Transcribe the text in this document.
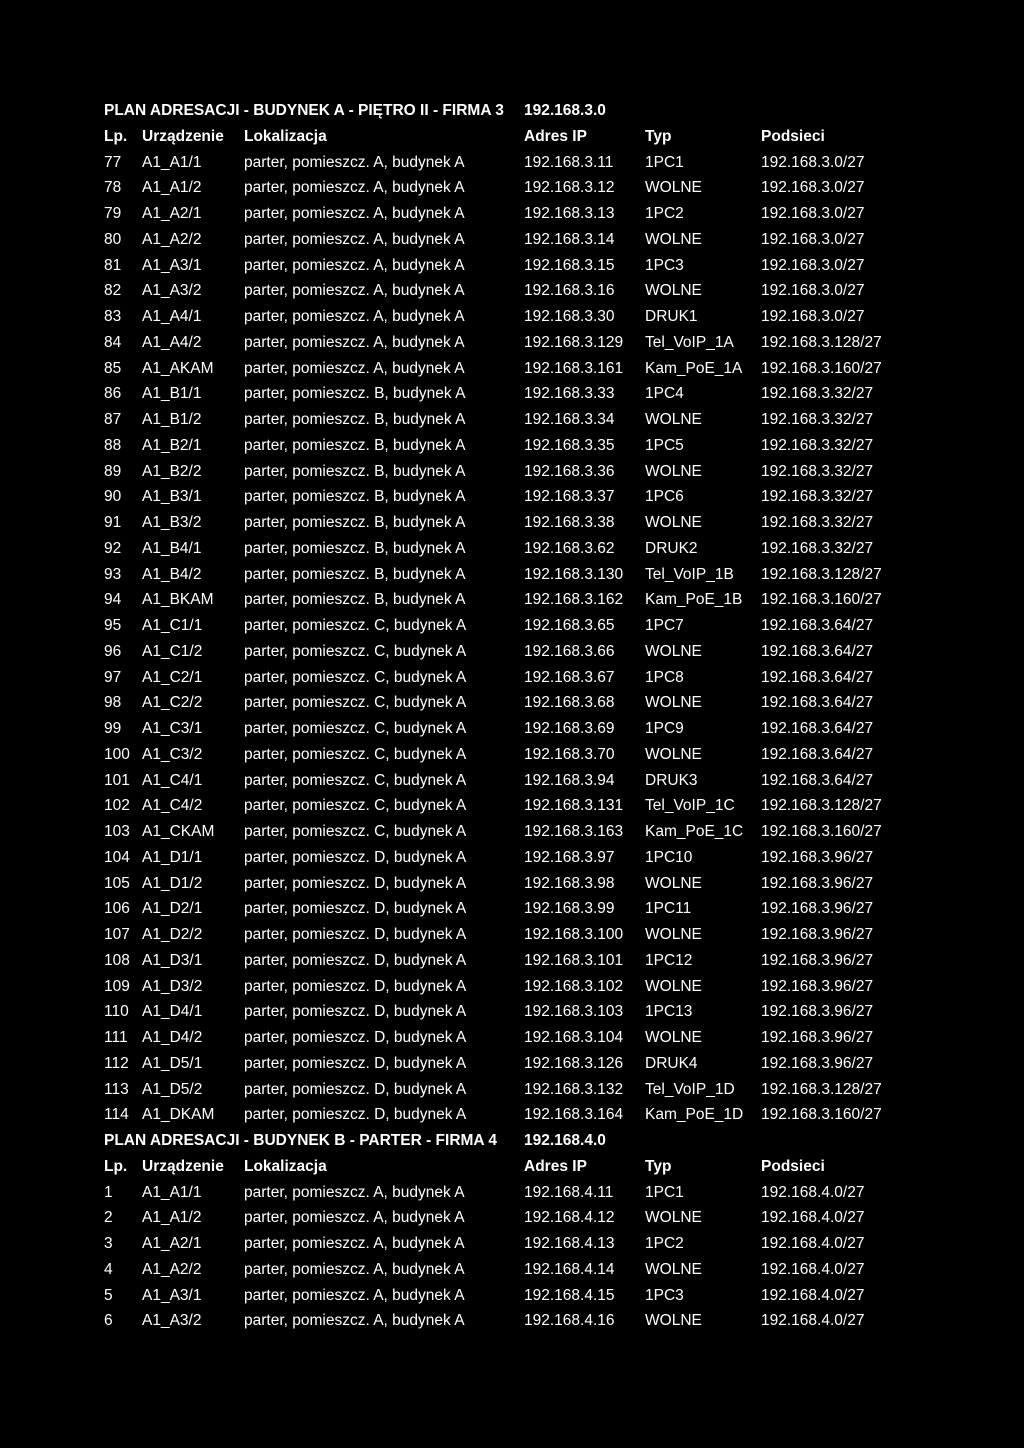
PLAN ADRESACJI - BUDYNEK A - PIĘTRO II - FIRMA 3			192.168.3.0		
Lp.	Urządzenie	Lokalizacja	Adres IP	Typ	Podsieci
77	A1_A1/1	parter, pomieszcz. A, budynek A	192.168.3.11	1PC1	192.168.3.0/27
78	A1_A1/2	parter, pomieszcz. A, budynek A	192.168.3.12	WOLNE	192.168.3.0/27
79	A1_A2/1	parter, pomieszcz. A, budynek A	192.168.3.13	1PC2	192.168.3.0/27
80	A1_A2/2	parter, pomieszcz. A, budynek A	192.168.3.14	WOLNE	192.168.3.0/27
81	A1_A3/1	parter, pomieszcz. A, budynek A	192.168.3.15	1PC3	192.168.3.0/27
82	A1_A3/2	parter, pomieszcz. A, budynek A	192.168.3.16	WOLNE	192.168.3.0/27
83	A1_A4/1	parter, pomieszcz. A, budynek A	192.168.3.30	DRUK1	192.168.3.0/27
84	A1_A4/2	parter, pomieszcz. A, budynek A	192.168.3.129	Tel_VoIP_1A	192.168.3.128/27
85	A1_AKAM	parter, pomieszcz. A, budynek A	192.168.3.161	Kam_PoE_1A	192.168.3.160/27
86	A1_B1/1	parter, pomieszcz. B, budynek A	192.168.3.33	1PC4	192.168.3.32/27
87	A1_B1/2	parter, pomieszcz. B, budynek A	192.168.3.34	WOLNE	192.168.3.32/27
88	A1_B2/1	parter, pomieszcz. B, budynek A	192.168.3.35	1PC5	192.168.3.32/27
89	A1_B2/2	parter, pomieszcz. B, budynek A	192.168.3.36	WOLNE	192.168.3.32/27
90	A1_B3/1	parter, pomieszcz. B, budynek A	192.168.3.37	1PC6	192.168.3.32/27
91	A1_B3/2	parter, pomieszcz. B, budynek A	192.168.3.38	WOLNE	192.168.3.32/27
92	A1_B4/1	parter, pomieszcz. B, budynek A	192.168.3.62	DRUK2	192.168.3.32/27
93	A1_B4/2	parter, pomieszcz. B, budynek A	192.168.3.130	Tel_VoIP_1B	192.168.3.128/27
94	A1_BKAM	parter, pomieszcz. B, budynek A	192.168.3.162	Kam_PoE_1B	192.168.3.160/27
95	A1_C1/1	parter, pomieszcz. C, budynek A	192.168.3.65	1PC7	192.168.3.64/27
96	A1_C1/2	parter, pomieszcz. C, budynek A	192.168.3.66	WOLNE	192.168.3.64/27
97	A1_C2/1	parter, pomieszcz. C, budynek A	192.168.3.67	1PC8	192.168.3.64/27
98	A1_C2/2	parter, pomieszcz. C, budynek A	192.168.3.68	WOLNE	192.168.3.64/27
99	A1_C3/1	parter, pomieszcz. C, budynek A	192.168.3.69	1PC9	192.168.3.64/27
100	A1_C3/2	parter, pomieszcz. C, budynek A	192.168.3.70	WOLNE	192.168.3.64/27
101	A1_C4/1	parter, pomieszcz. C, budynek A	192.168.3.94	DRUK3	192.168.3.64/27
102	A1_C4/2	parter, pomieszcz. C, budynek A	192.168.3.131	Tel_VoIP_1C	192.168.3.128/27
103	A1_CKAM	parter, pomieszcz. C, budynek A	192.168.3.163	Kam_PoE_1C	192.168.3.160/27
104	A1_D1/1	parter, pomieszcz. D, budynek A	192.168.3.97	1PC10	192.168.3.96/27
105	A1_D1/2	parter, pomieszcz. D, budynek A	192.168.3.98	WOLNE	192.168.3.96/27
106	A1_D2/1	parter, pomieszcz. D, budynek A	192.168.3.99	1PC11	192.168.3.96/27
107	A1_D2/2	parter, pomieszcz. D, budynek A	192.168.3.100	WOLNE	192.168.3.96/27
108	A1_D3/1	parter, pomieszcz. D, budynek A	192.168.3.101	1PC12	192.168.3.96/27
109	A1_D3/2	parter, pomieszcz. D, budynek A	192.168.3.102	WOLNE	192.168.3.96/27
110	A1_D4/1	parter, pomieszcz. D, budynek A	192.168.3.103	1PC13	192.168.3.96/27
111	A1_D4/2	parter, pomieszcz. D, budynek A	192.168.3.104	WOLNE	192.168.3.96/27
112	A1_D5/1	parter, pomieszcz. D, budynek A	192.168.3.126	DRUK4	192.168.3.96/27
113	A1_D5/2	parter, pomieszcz. D, budynek A	192.168.3.132	Tel_VoIP_1D	192.168.3.128/27
114	A1_DKAM	parter, pomieszcz. D, budynek A	192.168.3.164	Kam_PoE_1D	192.168.3.160/27
PLAN ADRESACJI - BUDYNEK B - PARTER - FIRMA 4			192.168.4.0		
Lp.	Urządzenie	Lokalizacja	Adres IP	Typ	Podsieci
1	A1_A1/1	parter, pomieszcz. A, budynek A	192.168.4.11	1PC1	192.168.4.0/27
2	A1_A1/2	parter, pomieszcz. A, budynek A	192.168.4.12	WOLNE	192.168.4.0/27
3	A1_A2/1	parter, pomieszcz. A, budynek A	192.168.4.13	1PC2	192.168.4.0/27
4	A1_A2/2	parter, pomieszcz. A, budynek A	192.168.4.14	WOLNE	192.168.4.0/27
5	A1_A3/1	parter, pomieszcz. A, budynek A	192.168.4.15	1PC3	192.168.4.0/27
6	A1_A3/2	parter, pomieszcz. A, budynek A	192.168.4.16	WOLNE	192.168.4.0/27
